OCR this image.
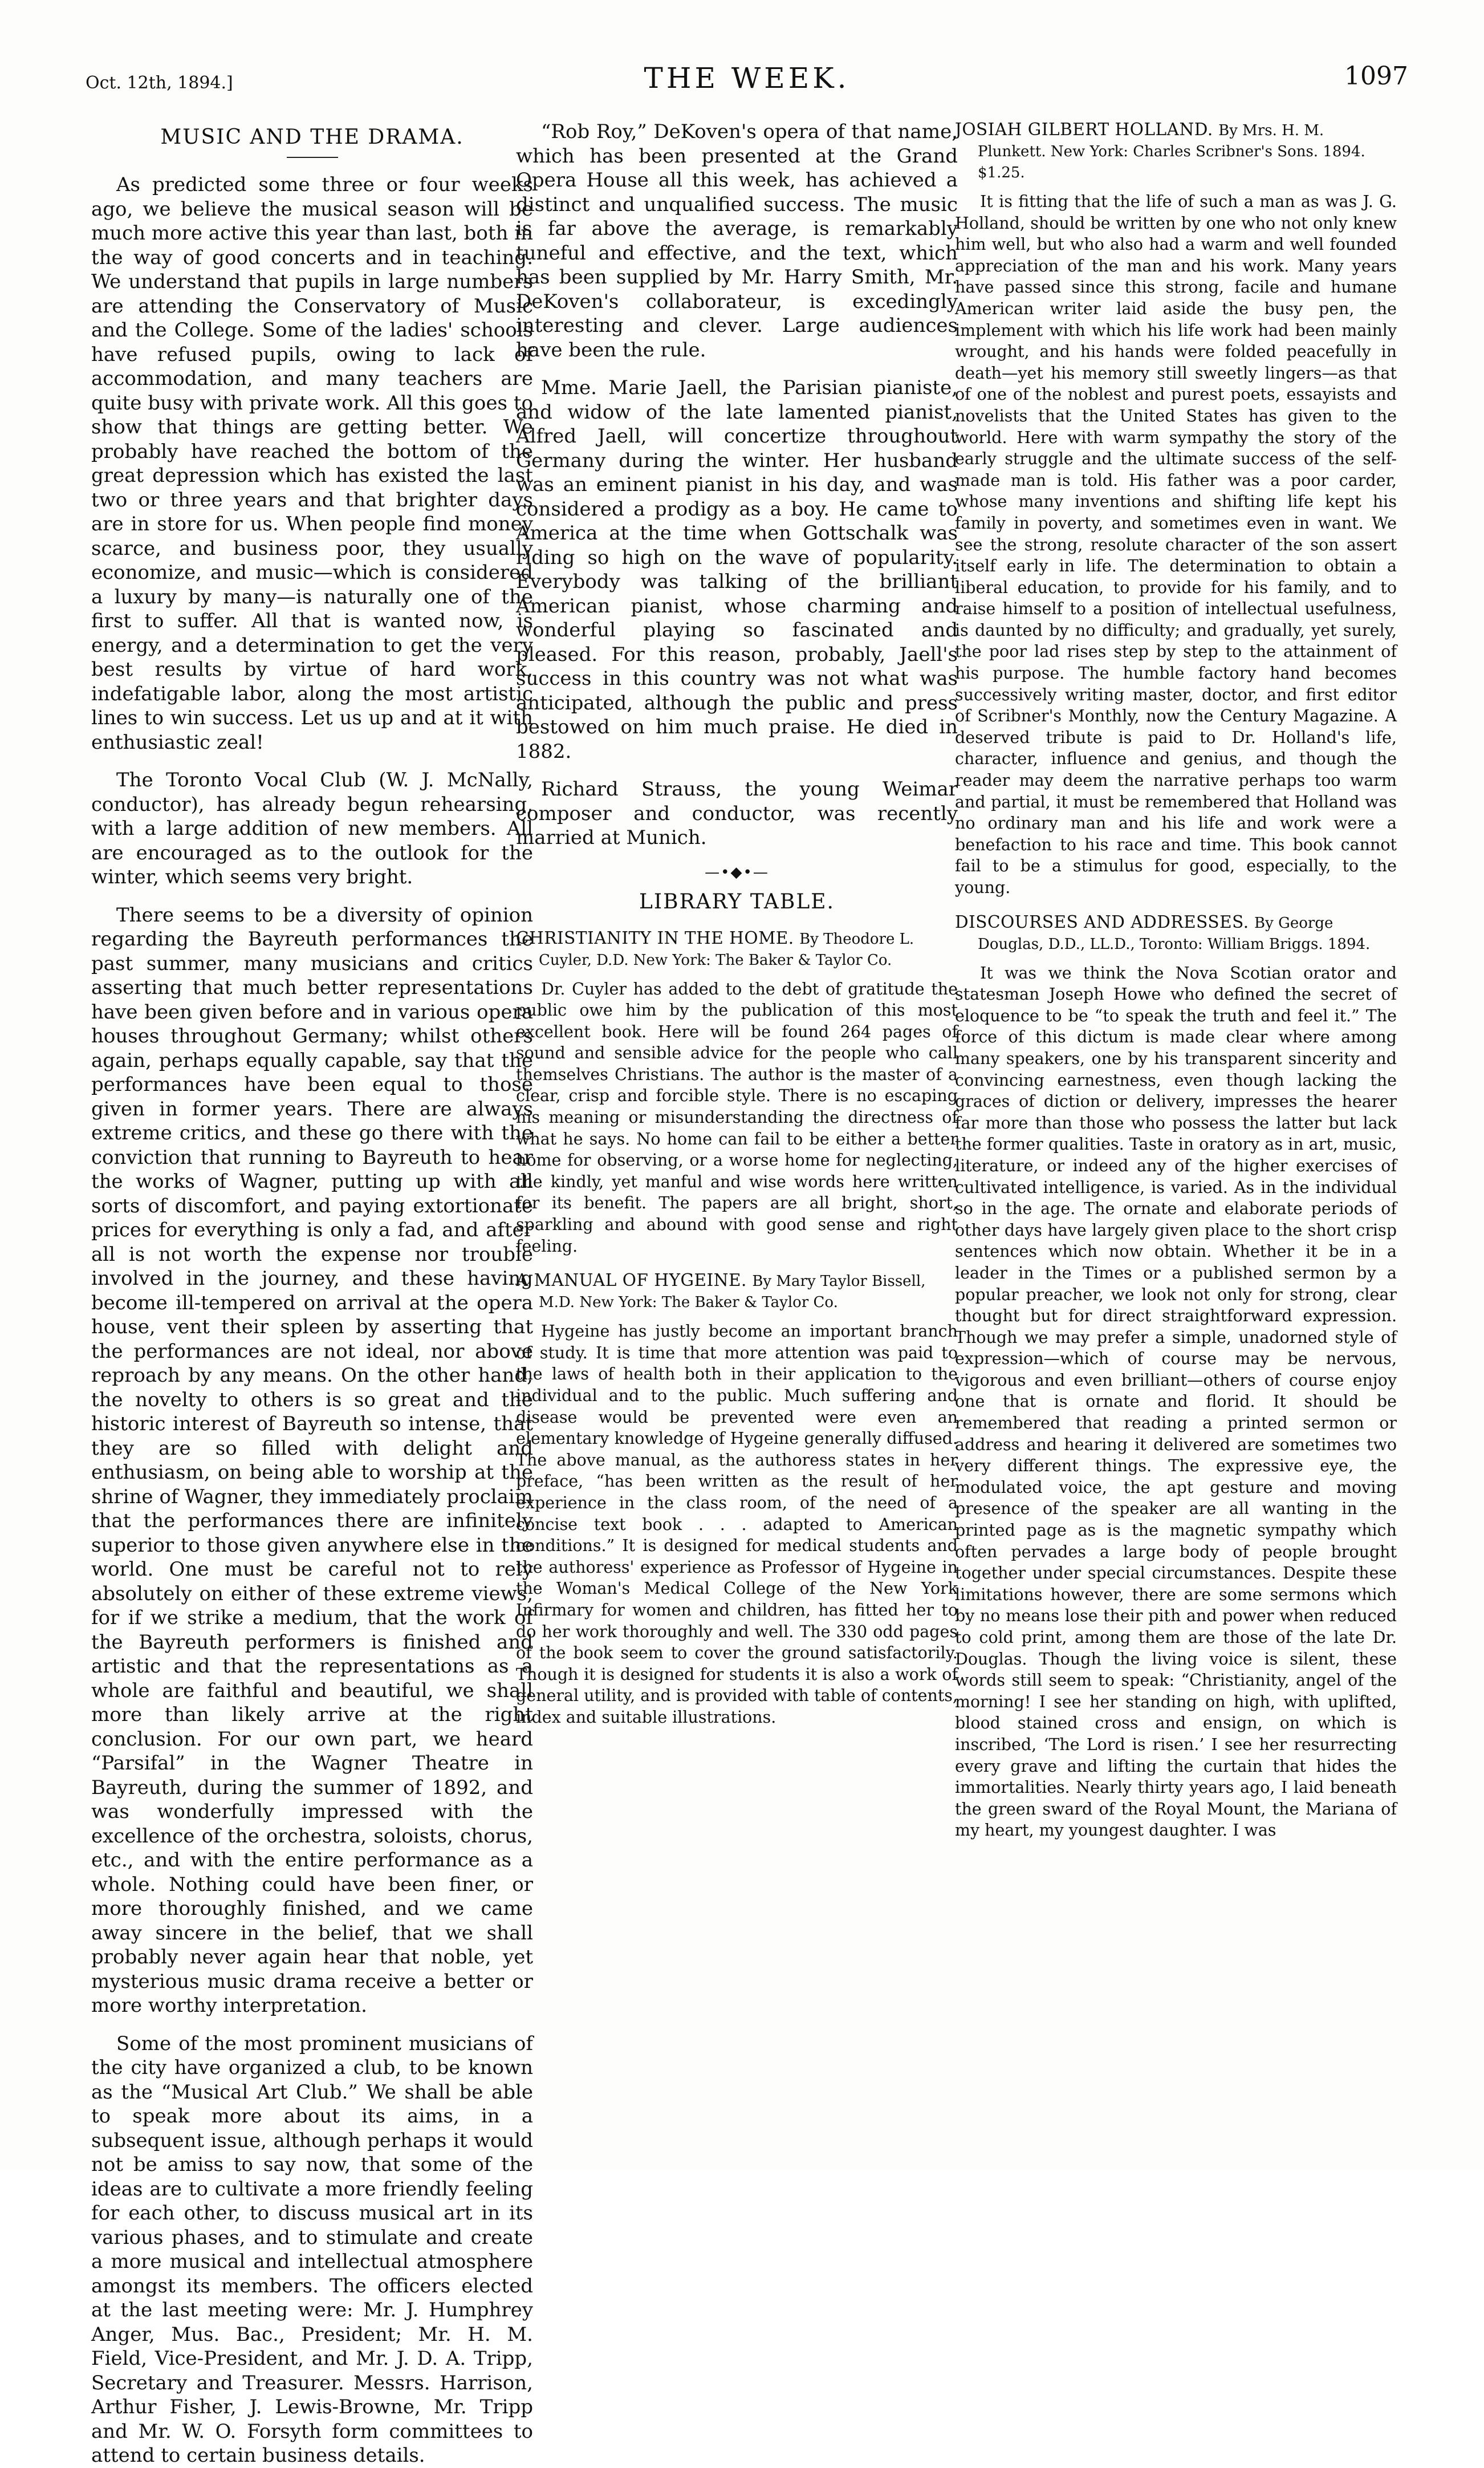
Oct. 12th, 1894.]	THE WEEK.	1097
MUSIC AND THE DRAMA.

As predicted some three or four weeks ago, we believe the musical season will be much more active this year than last, both in the way of good concerts and in teaching. We understand that pupils in large numbers are attending the Conservatory of Music and the College. Some of the ladies' schools have refused pupils, owing to lack of accommodation, and many teachers are quite busy with private work. All this goes to show that things are getting better. We probably have reached the bottom of the great depression which has existed the last two or three years and that brighter days are in store for us. When people find money scarce, and business poor, they usually economize, and music—which is considered a luxury by many—is naturally one of the first to suffer. All that is wanted now, is energy, and a determination to get the very best results by virtue of hard work, indefatigable labor, along the most artistic lines to win success. Let us up and at it with enthusiastic zeal!

The Toronto Vocal Club (W. J. McNally, conductor), has already begun rehearsing, with a large addition of new members. All are encouraged as to the outlook for the winter, which seems very bright.

There seems to be a diversity of opinion regarding the Bayreuth performances the past summer, many musicians and critics asserting that much better representations have been given before and in various opera houses throughout Germany; whilst others again, perhaps equally capable, say that the performances have been equal to those given in former years. There are always extreme critics, and these go there with the conviction that running to Bayreuth to hear the works of Wagner, putting up with all sorts of discomfort, and paying extortionate prices for everything is only a fad, and after all is not worth the expense nor trouble involved in the journey, and these having become ill-tempered on arrival at the opera house, vent their spleen by asserting that the performances are not ideal, nor above reproach by any means. On the other hand, the novelty to others is so great and the historic interest of Bayreuth so intense, that they are so filled with delight and enthusiasm, on being able to worship at the shrine of Wagner, they immediately proclaim that the performances there are infinitely superior to those given anywhere else in the world. One must be careful not to rely absolutely on either of these extreme views, for if we strike a medium, that the work of the Bayreuth performers is finished and artistic and that the representations as a whole are faithful and beautiful, we shall more than likely arrive at the right conclusion. For our own part, we heard “Parsifal” in the Wagner Theatre in Bayreuth, during the summer of 1892, and was wonderfully impressed with the excellence of the orchestra, soloists, chorus, etc., and with the entire performance as a whole. Nothing could have been finer, or more thoroughly finished, and we came away sincere in the belief, that we shall probably never again hear that noble, yet mysterious music drama receive a better or more worthy interpretation.

Some of the most prominent musicians of the city have organized a club, to be known as the “Musical Art Club.” We shall be able to speak more about its aims, in a subsequent issue, although perhaps it would not be amiss to say now, that some of the ideas are to cultivate a more friendly feeling for each other, to discuss musical art in its various phases, and to stimulate and create a more musical and intellectual atmosphere amongst its members. The officers elected at the last meeting were: Mr. J. Humphrey Anger, Mus. Bac., President; Mr. H. M. Field, Vice-President, and Mr. J. D. A. Tripp, Secretary and Treasurer. Messrs. Harrison, Arthur Fisher, J. Lewis-Browne, Mr. Tripp and Mr. W. O. Forsyth form committees to attend to certain business details.

“Rob Roy,” DeKoven's opera of that name, which has been presented at the Grand Opera House all this week, has achieved a distinct and unqualified success. The music is far above the average, is remarkably tuneful and effective, and the text, which has been supplied by Mr. Harry Smith, Mr. DeKoven's collaborateur, is excedingly interesting and clever. Large audiences have been the rule.

Mme. Marie Jaell, the Parisian pianiste, and widow of the late lamented pianist, Alfred Jaell, will concertize throughout Germany during the winter. Her husband was an eminent pianist in his day, and was considered a prodigy as a boy. He came to America at the time when Gottschalk was riding so high on the wave of popularity. Everybody was talking of the brilliant American pianist, whose charming and wonderful playing so fascinated and pleased. For this reason, probably, Jaell's success in this country was not what was anticipated, although the public and press bestowed on him much praise. He died in 1882.

Richard Strauss, the young Weimar composer and conductor, was recently married at Munich.

—•◆•—
LIBRARY TABLE.
CHRISTIANITY IN THE HOME. By Theodore L. Cuyler, D.D. New York: The Baker & Taylor Co.

Dr. Cuyler has added to the debt of gratitude the public owe him by the publication of this most excellent book. Here will be found 264 pages of sound and sensible advice for the people who call themselves Christians. The author is the master of a clear, crisp and forcible style. There is no escaping his meaning or misunderstanding the directness of what he says. No home can fail to be either a better home for observing, or a worse home for neglecting, the kindly, yet manful and wise words here written for its benefit. The papers are all bright, short, sparkling and abound with good sense and right feeling.

A MANUAL OF HYGEINE. By Mary Taylor Bissell, M.D. New York: The Baker & Taylor Co.

Hygeine has justly become an important branch of study. It is time that more attention was paid to the laws of health both in their application to the individual and to the public. Much suffering and disease would be prevented were even an elementary knowledge of Hygeine generally diffused. The above manual, as the authoress states in her preface, “has been written as the result of her experience in the class room, of the need of a concise text book . . . adapted to American conditions.” It is designed for medical students and the authoress' experience as Professor of Hygeine in the Woman's Medical College of the New York Infirmary for women and children, has fitted her to do her work thoroughly and well. The 330 odd pages of the book seem to cover the ground satisfactorily. Though it is designed for students it is also a work of general utility, and is provided with table of contents, index and suitable illustrations.

JOSIAH GILBERT HOLLAND. By Mrs. H. M. Plunkett. New York: Charles Scribner's Sons. 1894. $1.25.

It is fitting that the life of such a man as was J. G. Holland, should be written by one who not only knew him well, but who also had a warm and well founded appreciation of the man and his work. Many years have passed since this strong, facile and humane American writer laid aside the busy pen, the implement with which his life work had been mainly wrought, and his hands were folded peacefully in death—yet his memory still sweetly lingers—as that of one of the noblest and purest poets, essayists and novelists that the United States has given to the world. Here with warm sympathy the story of the early struggle and the ultimate success of the self-made man is told. His father was a poor carder, whose many inventions and shifting life kept his family in poverty, and sometimes even in want. We see the strong, resolute character of the son assert itself early in life. The determination to obtain a liberal education, to provide for his family, and to raise himself to a position of intellectual usefulness, is daunted by no difficulty; and gradually, yet surely, the poor lad rises step by step to the attainment of his purpose. The humble factory hand becomes successively writing master, doctor, and first editor of Scribner's Monthly, now the Century Magazine. A deserved tribute is paid to Dr. Holland's life, character, influence and genius, and though the reader may deem the narrative perhaps too warm and partial, it must be remembered that Holland was no ordinary man and his life and work were a benefaction to his race and time. This book cannot fail to be a stimulus for good, especially, to the young.

DISCOURSES AND ADDRESSES. By George Douglas, D.D., LL.D., Toronto: William Briggs. 1894.

It was we think the Nova Scotian orator and statesman Joseph Howe who defined the secret of eloquence to be “to speak the truth and feel it.” The force of this dictum is made clear where among many speakers, one by his transparent sincerity and convincing earnestness, even though lacking the graces of diction or delivery, impresses the hearer far more than those who possess the latter but lack the former qualities. Taste in oratory as in art, music, literature, or indeed any of the higher exercises of cultivated intelligence, is varied. As in the individual so in the age. The ornate and elaborate periods of other days have largely given place to the short crisp sentences which now obtain. Whether it be in a leader in the Times or a published sermon by a popular preacher, we look not only for strong, clear thought but for direct straightforward expression. Though we may prefer a simple, unadorned style of expression—which of course may be nervous, vigorous and even brilliant—others of course enjoy one that is ornate and florid. It should be remembered that reading a printed sermon or address and hearing it delivered are sometimes two very different things. The expressive eye, the modulated voice, the apt gesture and moving presence of the speaker are all wanting in the printed page as is the magnetic sympathy which often pervades a large body of people brought together under special circumstances. Despite these limitations however, there are some sermons which by no means lose their pith and power when reduced to cold print, among them are those of the late Dr. Douglas. Though the living voice is silent, these words still seem to speak: “Christianity, angel of the morning! I see her standing on high, with uplifted, blood stained cross and ensign, on which is inscribed, ‘The Lord is risen.’ I see her resurrecting every grave and lifting the curtain that hides the immortalities. Nearly thirty years ago, I laid beneath the green sward of the Royal Mount, the Mariana of my heart, my youngest daughter. I was
